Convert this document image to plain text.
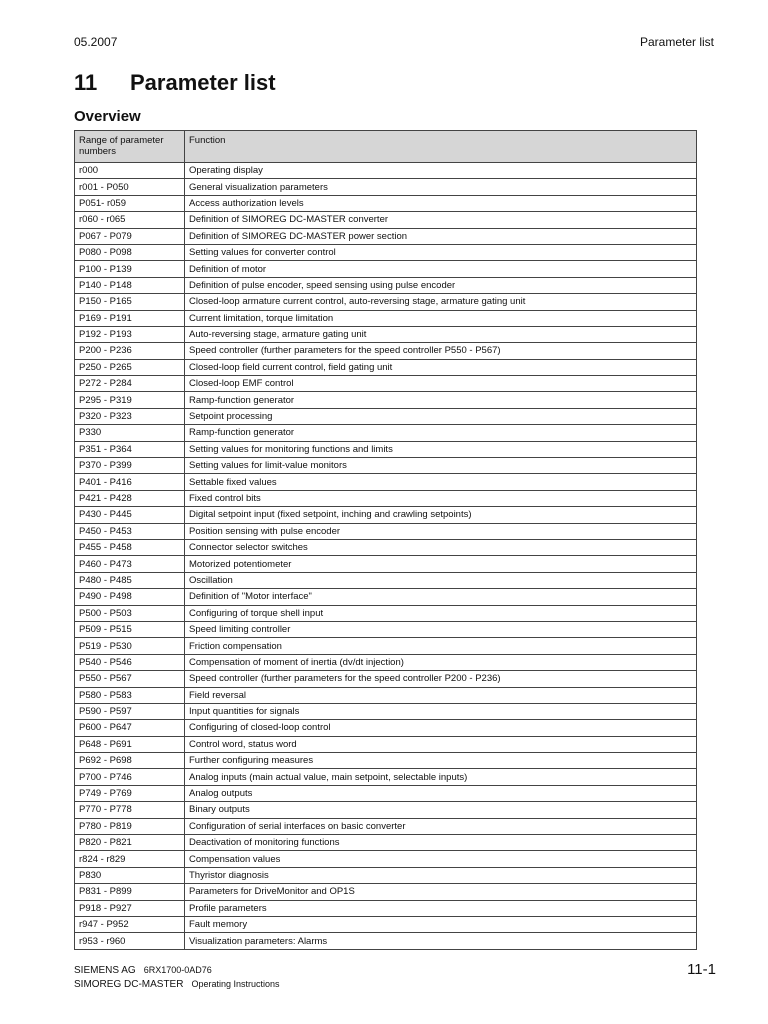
05.2007	Parameter list
11	Parameter list
Overview
Range of parameter numbers	Function
r000	Operating display
r001 - P050	General visualization parameters
P051- r059	Access authorization levels
r060 - r065	Definition of SIMOREG DC-MASTER converter
P067 - P079	Definition of SIMOREG DC-MASTER power section
P080 - P098	Setting values for converter control
P100 - P139	Definition of motor
P140 - P148	Definition of pulse encoder, speed sensing using pulse encoder
P150 - P165	Closed-loop armature current control, auto-reversing stage, armature gating unit
P169 - P191	Current limitation, torque limitation
P192 - P193	Auto-reversing stage, armature gating unit
P200 - P236	Speed controller (further parameters for the speed controller P550 - P567)
P250 - P265	Closed-loop field current control, field gating unit
P272 - P284	Closed-loop EMF control
P295 - P319	Ramp-function generator
P320 - P323	Setpoint processing
P330	Ramp-function generator
P351 - P364	Setting values for monitoring functions and limits
P370 - P399	Setting values for limit-value monitors
P401 - P416	Settable fixed values
P421 - P428	Fixed control bits
P430 - P445	Digital setpoint input (fixed setpoint, inching and crawling setpoints)
P450 - P453	Position sensing with pulse encoder
P455 - P458	Connector selector switches
P460 - P473	Motorized potentiometer
P480 - P485	Oscillation
P490 - P498	Definition of "Motor interface"
P500 - P503	Configuring of torque shell input
P509 - P515	Speed limiting controller
P519 - P530	Friction compensation
P540 - P546	Compensation of moment of inertia (dv/dt injection)
P550 - P567	Speed controller (further parameters for the speed controller P200 - P236)
P580 - P583	Field reversal
P590 - P597	Input quantities for signals
P600 - P647	Configuring of closed-loop control
P648 - P691	Control word, status word
P692 - P698	Further configuring measures
P700 - P746	Analog inputs (main actual value, main setpoint, selectable inputs)
P749 - P769	Analog outputs
P770 - P778	Binary outputs
P780 - P819	Configuration of serial interfaces on basic converter
P820 - P821	Deactivation of monitoring functions
r824 - r829	Compensation values
P830	Thyristor diagnosis
P831 - P899	Parameters for DriveMonitor and OP1S
P918 - P927	Profile parameters
r947 - P952	Fault memory
r953 - r960	Visualization parameters: Alarms
SIEMENS AG 6RX1700-0AD76
SIMOREG DC-MASTER Operating Instructions
11-1
